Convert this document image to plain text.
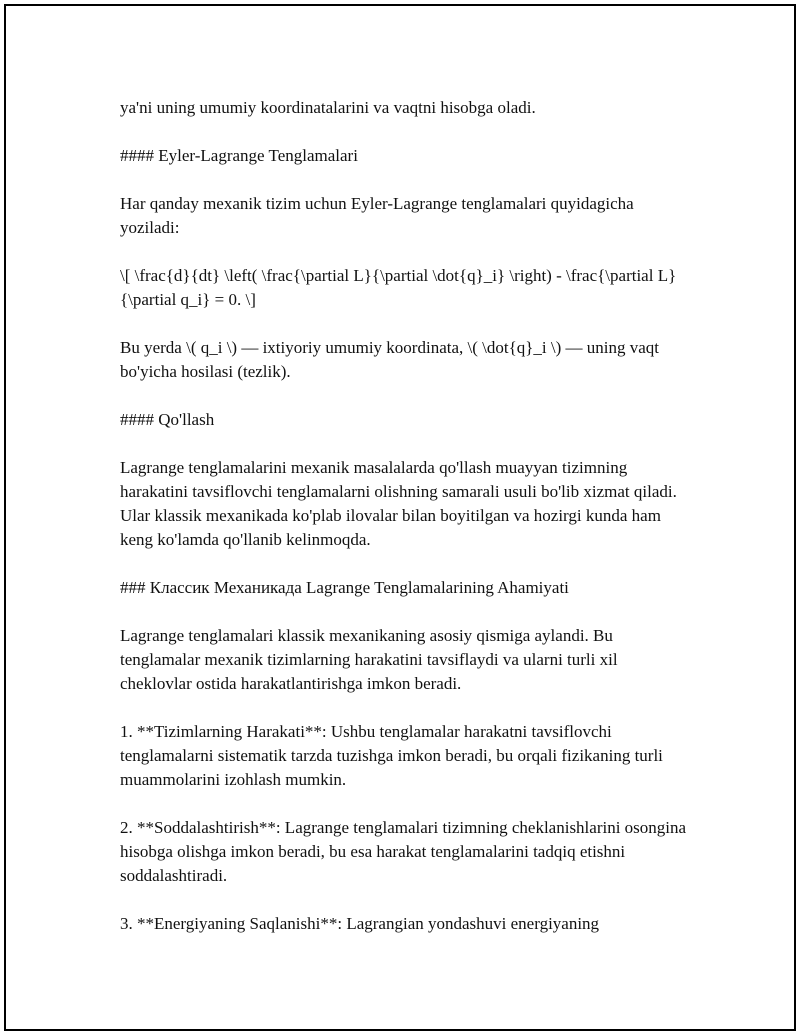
ya'ni uning umumiy koordinatalarini va vaqtni hisobga oladi.

#### Eyler-Lagrange Tenglamalari

Har qanday mexanik tizim uchun Eyler-Lagrange tenglamalari quyidagicha yoziladi:

\[ \frac{d}{dt} \left( \frac{\partial L}{\partial \dot{q}_i} \right) - \frac{\partial L}{\partial q_i} = 0. \]

Bu yerda \( q_i \) — ixtiyoriy umumiy koordinata, \( \dot{q}_i \) — uning vaqt bo'yicha hosilasi (tezlik).

#### Qo'llash

Lagrange tenglamalarini mexanik masalalarda qo'llash muayyan tizimning harakatini tavsiflovchi tenglamalarni olishning samarali usuli bo'lib xizmat qiladi. Ular klassik mexanikada ko'plab ilovalar bilan boyitilgan va hozirgi kunda ham keng ko'lamda qo'llanib kelinmoqda.

### Классик Механикада Lagrange Tenglamalarining Ahamiyati

Lagrange tenglamalari klassik mexanikaning asosiy qismiga aylandi. Bu tenglamalar mexanik tizimlarning harakatini tavsiflaydi va ularni turli xil cheklovlar ostida harakatlantirishga imkon beradi.

1. **Tizimlarning Harakati**: Ushbu tenglamalar harakatni tavsiflovchi tenglamalarni sistematik tarzda tuzishga imkon beradi, bu orqali fizikaning turli muammolarini izohlash mumkin.

2. **Soddalashtirish**: Lagrange tenglamalari tizimning cheklanishlarini osongina hisobga olishga imkon beradi, bu esa harakat tenglamalarini tadqiq etishni soddalashtiradi.

3. **Energiyaning Saqlanishi**: Lagrangian yondashuvi energiyaning
